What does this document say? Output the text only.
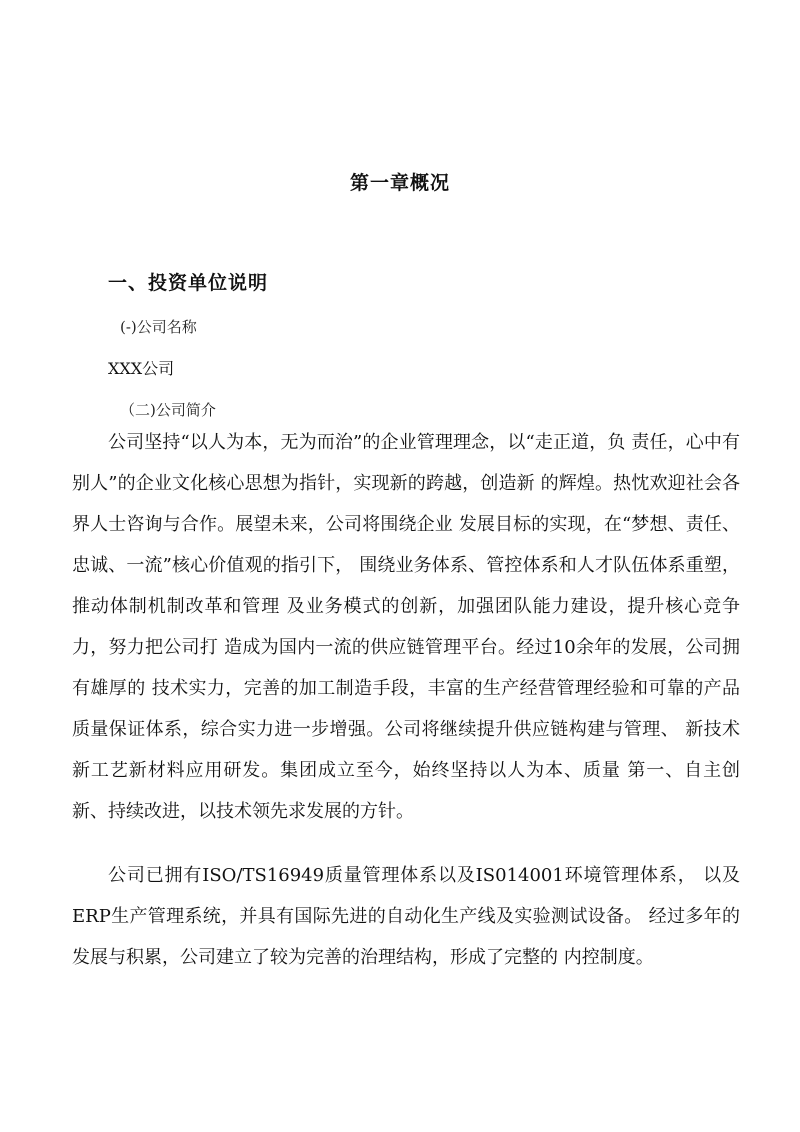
第一章概况
一、投资单位说明
(-)公司名称
XXX公司
（二)公司简介

公司坚持“以人为本，无为而治”的企业管理理念，以“走正道，负 责任，心中有别人”的企业文化核心思想为指针，实现新的跨越，创造新 的辉煌。热忱欢迎社会各界人士咨询与合作。展望未来，公司将围绕企业 发展目标的实现，在“梦想、责任、忠诚、一流”核心价值观的指引下， 围绕业务体系、管控体系和人才队伍体系重塑，推动体制机制改革和管理 及业务模式的创新，加强团队能力建设，提升核心竞争力，努力把公司打 造成为国内一流的供应链管理平台。经过10余年的发展，公司拥有雄厚的 技术实力，完善的加工制造手段，丰富的生产经营管理经验和可靠的产品 质量保证体系，综合实力进一步增强。公司将继续提升供应链构建与管理、 新技术新工艺新材料应用研发。集团成立至今，始终坚持以人为本、质量 第一、自主创新、持续改进，以技术领先求发展的方针。

公司已拥有ISO/TS16949质量管理体系以及IS014001环境管理体系， 以及ERP生产管理系统，并具有国际先进的自动化生产线及实验测试设备。 经过多年的发展与积累，公司建立了较为完善的治理结构，形成了完整的 内控制度。
